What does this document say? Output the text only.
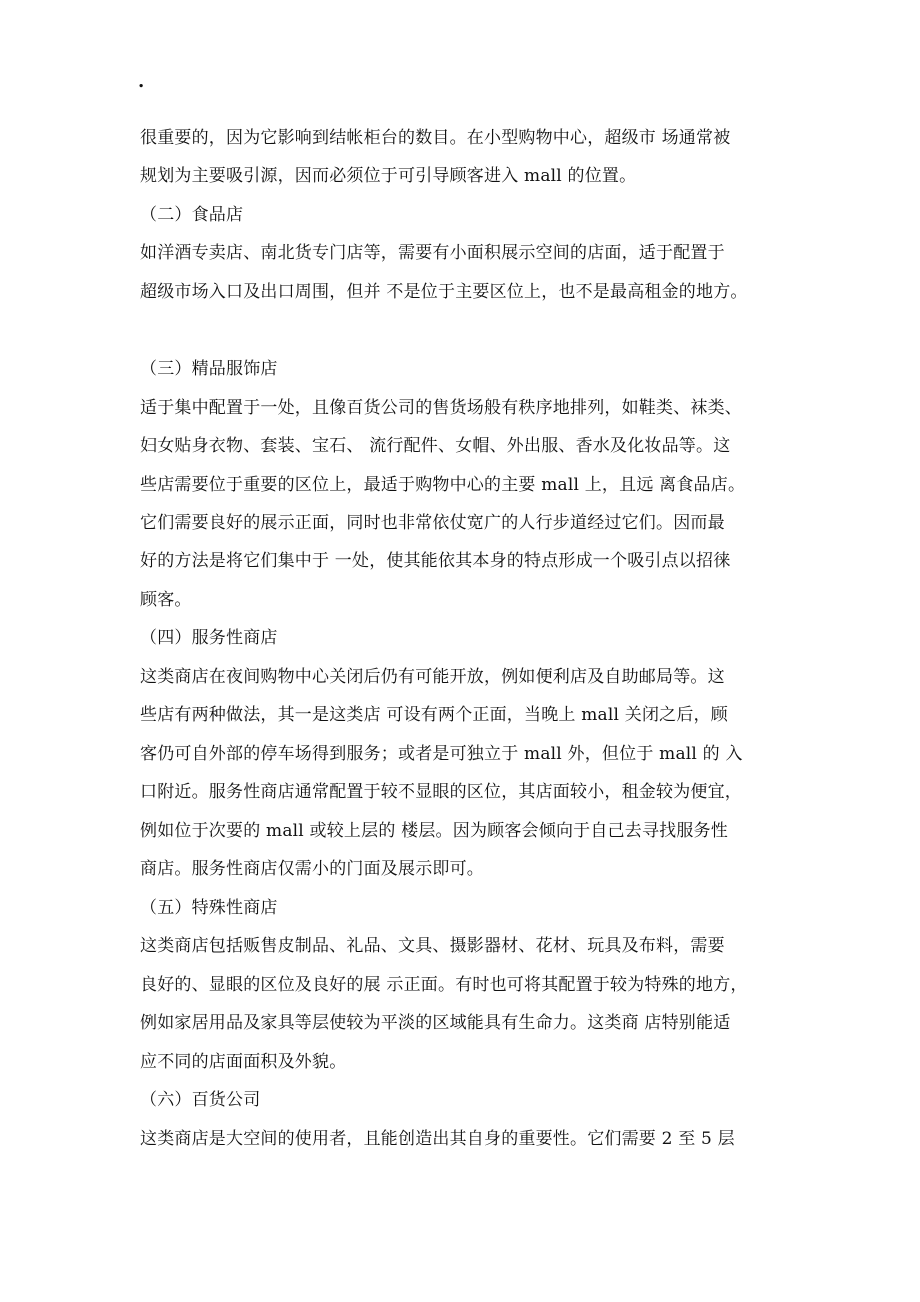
.
很重要的，因为它影响到结帐柜台的数目。在小型购物中心，超级市 场通常被
规划为主要吸引源，因而必须位于可引导顾客进入 mall 的位置。
（二）食品店
如洋酒专卖店、南北货专门店等，需要有小面积展示空间的店面，适于配置于
超级市场入口及出口周围，但并 不是位于主要区位上，也不是最高租金的地方。
（三）精品服饰店
适于集中配置于一处，且像百货公司的售货场般有秩序地排列，如鞋类、袜类、
妇女贴身衣物、套装、宝石、 流行配件、女帽、外出服、香水及化妆品等。这
些店需要位于重要的区位上，最适于购物中心的主要 mall 上，且远 离食品店。
它们需要良好的展示正面，同时也非常依仗宽广的人行步道经过它们。因而最
好的方法是将它们集中于 一处，使其能依其本身的特点形成一个吸引点以招徕
顾客。
（四）服务性商店
这类商店在夜间购物中心关闭后仍有可能开放，例如便利店及自助邮局等。这
些店有两种做法，其一是这类店 可设有两个正面，当晚上 mall 关闭之后，顾
客仍可自外部的停车场得到服务；或者是可独立于 mall 外，但位于 mall 的 入
口附近。服务性商店通常配置于较不显眼的区位，其店面较小，租金较为便宜，
例如位于次要的 mall 或较上层的 楼层。因为顾客会倾向于自己去寻找服务性
商店。服务性商店仅需小的门面及展示即可。
（五）特殊性商店
这类商店包括贩售皮制品、礼品、文具、摄影器材、花材、玩具及布料，需要
良好的、显眼的区位及良好的展 示正面。有时也可将其配置于较为特殊的地方，
例如家居用品及家具等层使较为平淡的区域能具有生命力。这类商 店特别能适
应不同的店面面积及外貌。
（六）百货公司
这类商店是大空间的使用者，且能创造出其自身的重要性。它们需要 2 至 5 层
